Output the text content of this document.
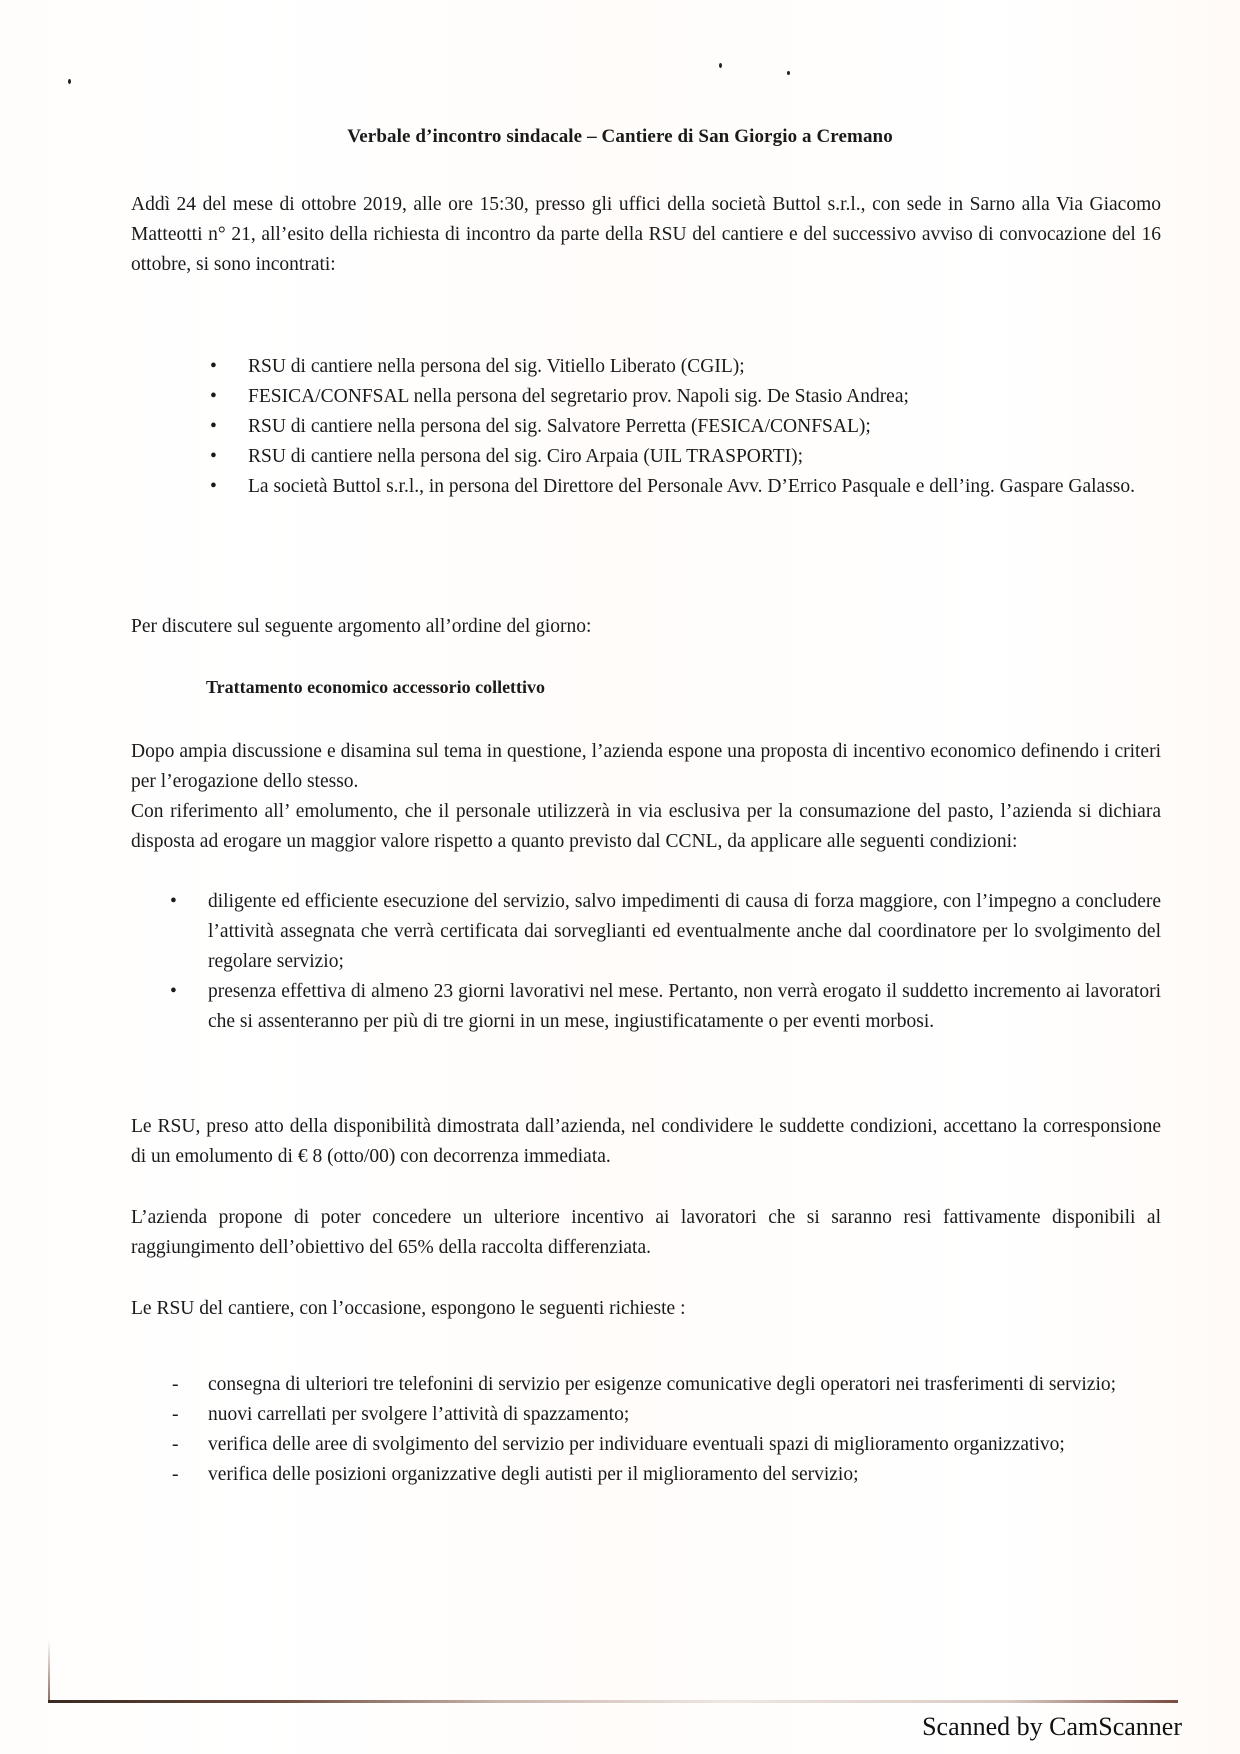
Verbale d’incontro sindacale – Cantiere di San Giorgio a Cremano
Addì 24 del mese di ottobre 2019, alle ore 15:30, presso gli uffici della società Buttol s.r.l., con sede in Sarno alla Via Giacomo Matteotti n° 21, all’esito della richiesta di incontro da parte della RSU del cantiere e del successivo avviso di convocazione del 16 ottobre, si sono incontrati:
• RSU di cantiere nella persona del sig. Vitiello Liberato (CGIL);
• FESICA/CONFSAL nella persona del segretario prov. Napoli sig. De Stasio Andrea;
• RSU di cantiere nella persona del sig. Salvatore Perretta (FESICA/CONFSAL);
• RSU di cantiere nella persona del sig. Ciro Arpaia (UIL TRASPORTI);
• La società Buttol s.r.l., in persona del Direttore del Personale Avv. D’Errico Pasquale e dell’ing. Gaspare Galasso.
Per discutere sul seguente argomento all’ordine del giorno:
Trattamento economico accessorio collettivo
Dopo ampia discussione e disamina sul tema in questione, l’azienda espone una proposta di incentivo economico definendo i criteri per l’erogazione dello stesso.
Con riferimento all’ emolumento, che il personale utilizzerà in via esclusiva per la consumazione del pasto, l’azienda si dichiara disposta ad erogare un maggior valore rispetto a quanto previsto dal CCNL, da applicare alle seguenti condizioni:
• diligente ed efficiente esecuzione del servizio, salvo impedimenti di causa di forza maggiore, con l’impegno a concludere l’attività assegnata che verrà certificata dai sorveglianti ed eventualmente anche dal coordinatore per lo svolgimento del regolare servizio;
• presenza effettiva di almeno 23 giorni lavorativi nel mese. Pertanto, non verrà erogato il suddetto incremento ai lavoratori che si assenteranno per più di tre giorni in un mese, ingiustificatamente o per eventi morbosi.
Le RSU, preso atto della disponibilità dimostrata dall’azienda, nel condividere le suddette condizioni, accettano la corresponsione di un emolumento di € 8 (otto/00) con decorrenza immediata.
L’azienda propone di poter concedere un ulteriore incentivo ai lavoratori che si saranno resi fattivamente disponibili al raggiungimento dell’obiettivo del 65% della raccolta differenziata.
Le RSU del cantiere, con l’occasione, espongono le seguenti richieste :
- consegna di ulteriori tre telefonini di servizio per esigenze comunicative degli operatori nei trasferimenti di servizio;
- nuovi carrellati per svolgere l’attività di spazzamento;
- verifica delle aree di svolgimento del servizio per individuare eventuali spazi di miglioramento organizzativo;
- verifica delle posizioni organizzative degli autisti per il miglioramento del servizio;
Scanned by CamScanner
